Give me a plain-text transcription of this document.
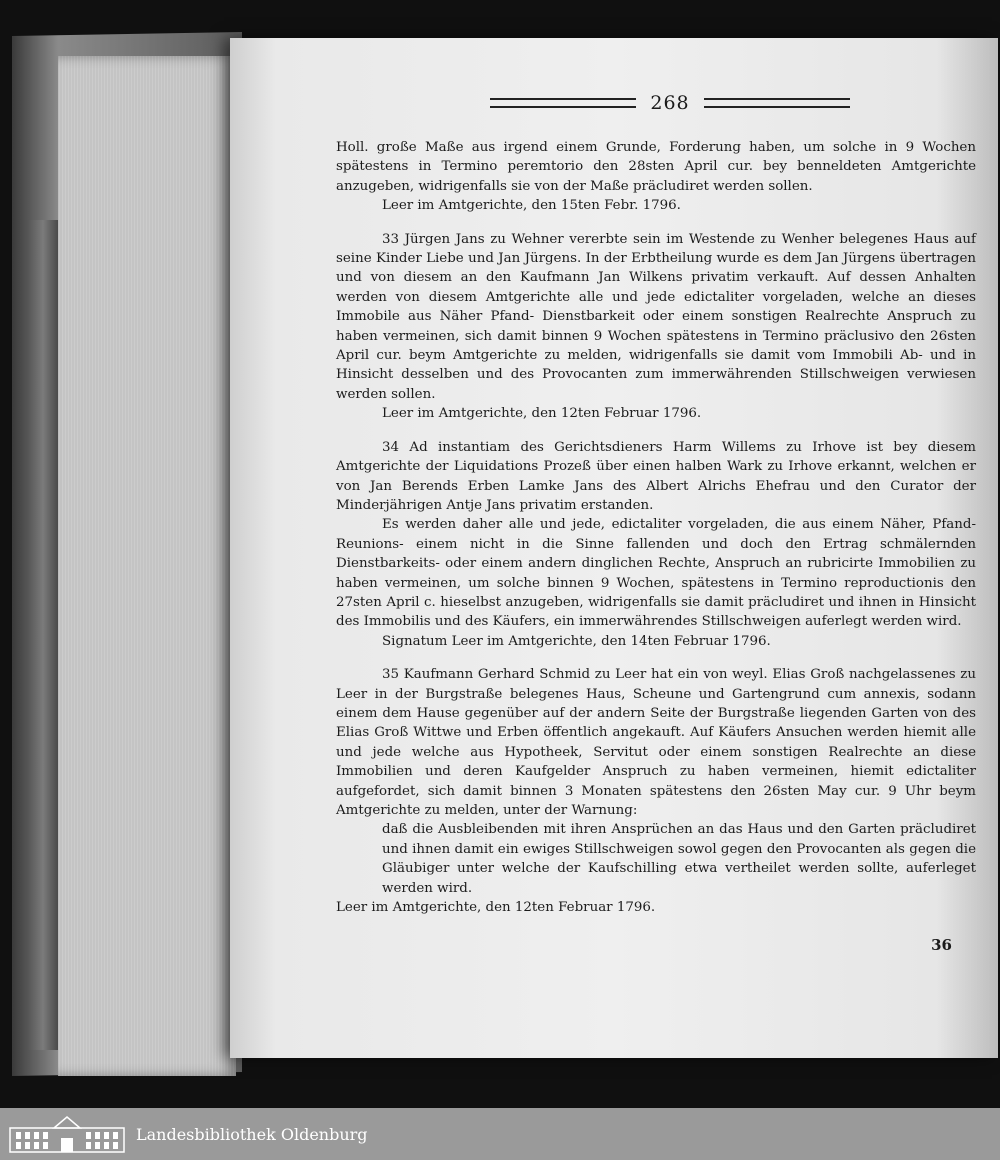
268

Holl. große Maße aus irgend einem Grunde, Forderung haben, um solche in 9 Wochen spätestens in Termino peremtorio den 28sten April cur. bey benneldeten Amtgerichte anzugeben, widrigenfalls sie von der Maße präcludiret werden sollen.

Leer im Amtgerichte, den 15ten Febr. 1796.

33 Jürgen Jans zu Wehner vererbte sein im Westende zu Wenher belegenes Haus auf seine Kinder Liebe und Jan Jürgens. In der Erbtheilung wurde es dem Jan Jürgens übertragen und von diesem an den Kaufmann Jan Wilkens privatim verkauft. Auf dessen Anhalten werden von diesem Amtgerichte alle und jede edictaliter vorgeladen, welche an dieses Immobile aus Näher Pfand- Dienstbarkeit oder einem sonstigen Realrechte Anspruch zu haben vermeinen, sich damit binnen 9 Wochen spätestens in Termino präclusivo den 26sten April cur. beym Amtgerichte zu melden, widrigenfalls sie damit vom Immobili Ab- und in Hinsicht desselben und des Provocanten zum immerwährenden Stillschweigen verwiesen werden sollen.

Leer im Amtgerichte, den 12ten Februar 1796.

34 Ad instantiam des Gerichtsdieners Harm Willems zu Irhove ist bey diesem Amtgerichte der Liquidations Prozeß über einen halben Wark zu Irhove erkannt, welchen er von Jan Berends Erben Lamke Jans des Albert Alrichs Ehefrau und den Curator der Minderjährigen Antje Jans privatim erstanden.

Es werden daher alle und jede, edictaliter vorgeladen, die aus einem Näher, Pfand- Reunions- einem nicht in die Sinne fallenden und doch den Ertrag schmälernden Dienstbarkeits- oder einem andern dinglichen Rechte, Anspruch an rubricirte Immobilien zu haben vermeinen, um solche binnen 9 Wochen, spätestens in Termino reproductionis den 27sten April c. hieselbst anzugeben, widrigenfalls sie damit präcludiret und ihnen in Hinsicht des Immobilis und des Käufers, ein immerwährendes Stillschweigen auferlegt werden wird.

Signatum Leer im Amtgerichte, den 14ten Februar 1796.

35 Kaufmann Gerhard Schmid zu Leer hat ein von weyl. Elias Groß nachgelassenes zu Leer in der Burgstraße belegenes Haus, Scheune und Gartengrund cum annexis, sodann einem dem Hause gegenüber auf der andern Seite der Burgstraße liegenden Garten von des Elias Groß Wittwe und Erben öffentlich angekauft. Auf Käufers Ansuchen werden hiemit alle und jede welche aus Hypotheek, Servitut oder einem sonstigen Realrechte an diese Immobilien und deren Kaufgelder Anspruch zu haben vermeinen, hiemit edictaliter aufgefordet, sich damit binnen 3 Monaten spätestens den 26sten May cur. 9 Uhr beym Amtgerichte zu melden, unter der Warnung:

daß die Ausbleibenden mit ihren Ansprüchen an das Haus und den Garten präcludiret und ihnen damit ein ewiges Stillschweigen sowol gegen den Provocanten als gegen die Gläubiger unter welche der Kaufschilling etwa vertheilet werden sollte, auferleget werden wird.

Leer im Amtgerichte, den 12ten Februar 1796.

36
Landesbibliothek Oldenburg
